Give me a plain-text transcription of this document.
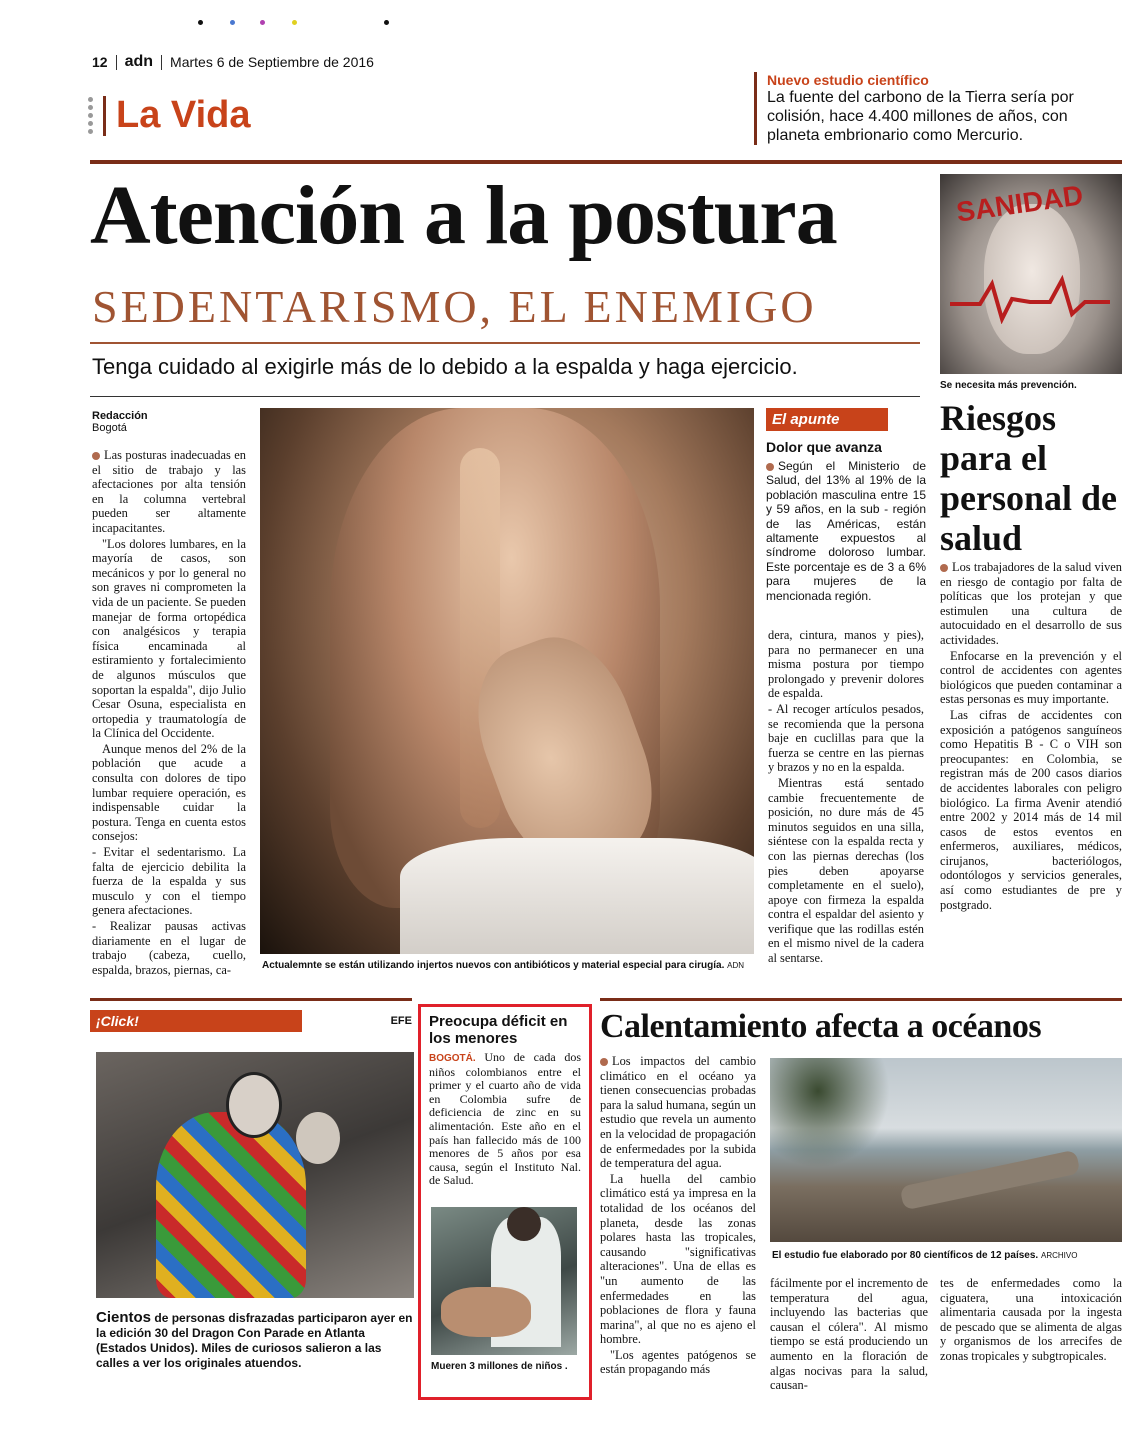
12 adn Martes 6 de Septiembre de 2016
La Vida
Nuevo estudio científico
La fuente del carbono de la Tierra sería por colisión, hace 4.400 millones de años, con planeta embrionario como Mercurio.
Atención a la postura
SEDENTARISMO, EL ENEMIGO
Tenga cuidado al exigirle más de lo debido a la espalda y haga ejercicio.
SANIDAD
Se necesita más prevención.
Redacción
Bogotá

Las posturas inadecuadas en el sitio de trabajo y las afectaciones por alta tensión en la columna vertebral pueden ser altamente incapacitantes.

"Los dolores lumbares, en la mayoría de casos, son mecánicos y por lo general no son graves ni comprometen la vida de un paciente. Se pueden manejar de forma ortopédica con analgésicos y terapia física encaminada al estiramiento y fortalecimiento de algunos músculos que soportan la espalda", dijo Julio Cesar Osuna, especialista en ortopedia y traumatología de la Clínica del Occidente.

Aunque menos del 2% de la población que acude a consulta con dolores de tipo lumbar requiere operación, es indispensable cuidar la postura. Tenga en cuenta estos consejos:

- Evitar el sedentarismo. La falta de ejercicio debilita la fuerza de la espalda y sus musculo y con el tiempo genera afectaciones.

- Realizar pausas activas diariamente en el lugar de trabajo (cabeza, cuello, espalda, brazos, piernas, ca-	Actualemnte se están utilizando injertos nuevos con antibióticos y material especial para cirugía. ADN
El apunte
Dolor que avanza
Según el Ministerio de Salud, del 13% al 19% de la población masculina entre 15 y 59 años, en la sub - región de las Américas, están altamente expuestos al síndrome doloroso lumbar. Este porcentaje es de 3 a 6% para mujeres de la mencionada región.

dera, cintura, manos y pies), para no permanecer en una misma postura por tiempo prolongado y prevenir dolores de espalda.

- Al recoger artículos pesados, se recomienda que la persona baje en cuclillas para que la fuerza se centre en las piernas y brazos y no en la espalda.

Mientras está sentado cambie frecuentemente de posición, no dure más de 45 minutos seguidos en una silla, siéntese con la espalda recta y con las piernas derechas (los pies deben apoyarse completamente en el suelo), apoye con firmeza la espalda contra el espaldar del asiento y verifique que las rodillas estén en el mismo nivel de la cadera al sentarse.

Riesgos para el personal de salud

Los trabajadores de la salud viven en riesgo de contagio por falta de políticas que los protejan y que estimulen una cultura de autocuidado en el desarrollo de sus actividades.

Enfocarse en la prevención y el control de accidentes con agentes biológicos que pueden contaminar a estas personas es muy importante.

Las cifras de accidentes con exposición a patógenos sanguíneos como Hepatitis B - C o VIH son preocupantes: en Colombia, se registran más de 200 casos diarios de accidentes laborales con peligro biológico. La firma Avenir atendió entre 2002 y 2014 más de 14 mil casos de estos eventos en enfermeros, auxiliares, médicos, cirujanos, bacteriólogos, odontólogos y servicios generales, así como estudiantes de pre y postgrado.

¡Click!	EFE
Cientos de personas disfrazadas participaron ayer en la edición 30 del Dragon Con Parade en Atlanta (Estados Unidos). Miles de curiosos salieron a las calles a ver los originales atuendos.
Preocupa déficit en los menores
BOGOTÁ. Uno de cada dos niños colombianos entre el primer y el cuarto año de vida en Colombia sufre de deficiencia de zinc en su alimentación. Este año en el país han fallecido más de 100 menores de 5 años por esa causa, según el Instituto Nal. de Salud.
Mueren 3 millones de niños .
Calentamiento afecta a océanos

Los impactos del cambio climático en el océano ya tienen consecuencias probadas para la salud humana, según un estudio que revela un aumento en la velocidad de propagación de enfermedades por la subida de temperatura del agua.

La huella del cambio climático está ya impresa en la totalidad de los océanos del planeta, desde las zonas polares hasta las tropicales, causando "significativas alteraciones". Una de ellas es "un aumento de las enfermedades en las poblaciones de flora y fauna marina", al que no es ajeno el hombre.

"Los agentes patógenos se están propagando más

El estudio fue elaborado por 80 científicos de 12 países. ARCHIVO
fácilmente por el incremento de temperatura del agua, incluyendo las bacterias que causan el cólera". Al mismo tiempo se está produciendo un aumento en la floración de algas nocivas para la salud, causan-
tes de enfermedades como la ciguatera, una intoxicación alimentaria causada por la ingesta de pescado que se alimenta de algas y organismos de los arrecifes de zonas tropicales y subgtropicales.
